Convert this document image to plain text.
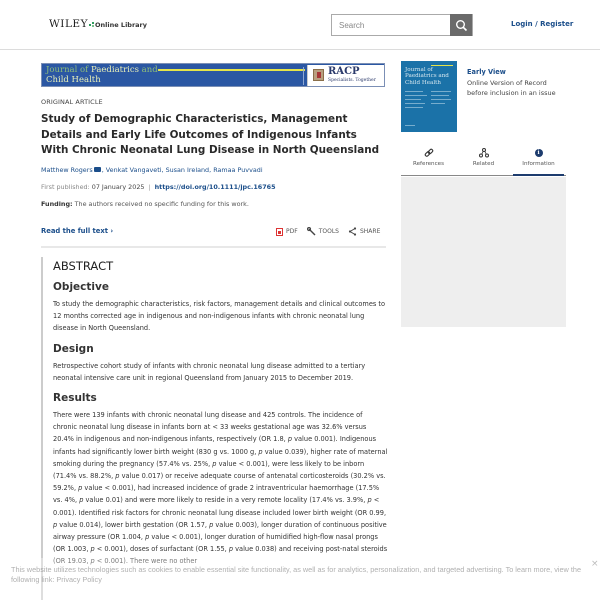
WILEY Online Library
Search	Login / Register
Journal of Paediatrics and
Child Health
RACP
Specialists. Together
ORIGINAL ARTICLE
Study of Demographic Characteristics, Management Details and Early Life Outcomes of Indigenous Infants With Chronic Neonatal Lung Disease in North Queensland
Matthew Rogers , Venkat Vangaveti, Susan Ireland, Ramaa Puvvadi
First published: 07 January 2025 | https://doi.org/10.1111/jpc.16765
Funding: The authors received no specific funding for this work.
Read the full text ›	PDF	TOOLS	SHARE
ABSTRACT
Objective

To study the demographic characteristics, risk factors, management details and clinical outcomes to 12 months corrected age in indigenous and non-indigenous infants with chronic neonatal lung disease in North Queensland.

Design

Retrospective cohort study of infants with chronic neonatal lung disease admitted to a tertiary neonatal intensive care unit in regional Queensland from January 2015 to December 2019.

Results

There were 139 infants with chronic neonatal lung disease and 425 controls. The incidence of chronic neonatal lung disease in infants born at < 33 weeks gestational age was 32.6% versus 20.4% in indigenous and non-indigenous infants, respectively (OR 1.8, p value 0.001). Indigenous infants had significantly lower birth weight (830 g vs. 1000 g, p value 0.039), higher rate of maternal smoking during the pregnancy (57.4% vs. 25%, p value < 0.001), were less likely to be inborn (71.4% vs. 88.2%, p value 0.017) or receive adequate course of antenatal corticosteroids (30.2% vs. 59.2%, p value < 0.001), had increased incidence of grade 2 intraventricular haemorrhage (17.5% vs. 4%, p value 0.01) and were more likely to reside in a very remote locality (17.4% vs. 3.9%, p < 0.001). Identified risk factors for chronic neonatal lung disease included lower birth weight (OR 0.99, p value 0.014), lower birth gestation (OR 1.57, p value 0.003), longer duration of continuous positive airway pressure (OR 1.004, p value < 0.001), longer duration of humidified high-flow nasal prongs (OR 1.003, p < 0.001), doses of surfactant (OR 1.55, p value 0.038) and receiving post-natal steroids (OR 19.03, p < 0.001). There were no other

Journal of Paediatrics and Child Health
Early View
Online Version of Record before inclusion in an issue
References	Related
i
Information
This website utilizes technologies such as cookies to enable essential site functionality, as well as for analytics, personalization, and targeted advertising. To learn more, view the following link: Privacy Policy
×
